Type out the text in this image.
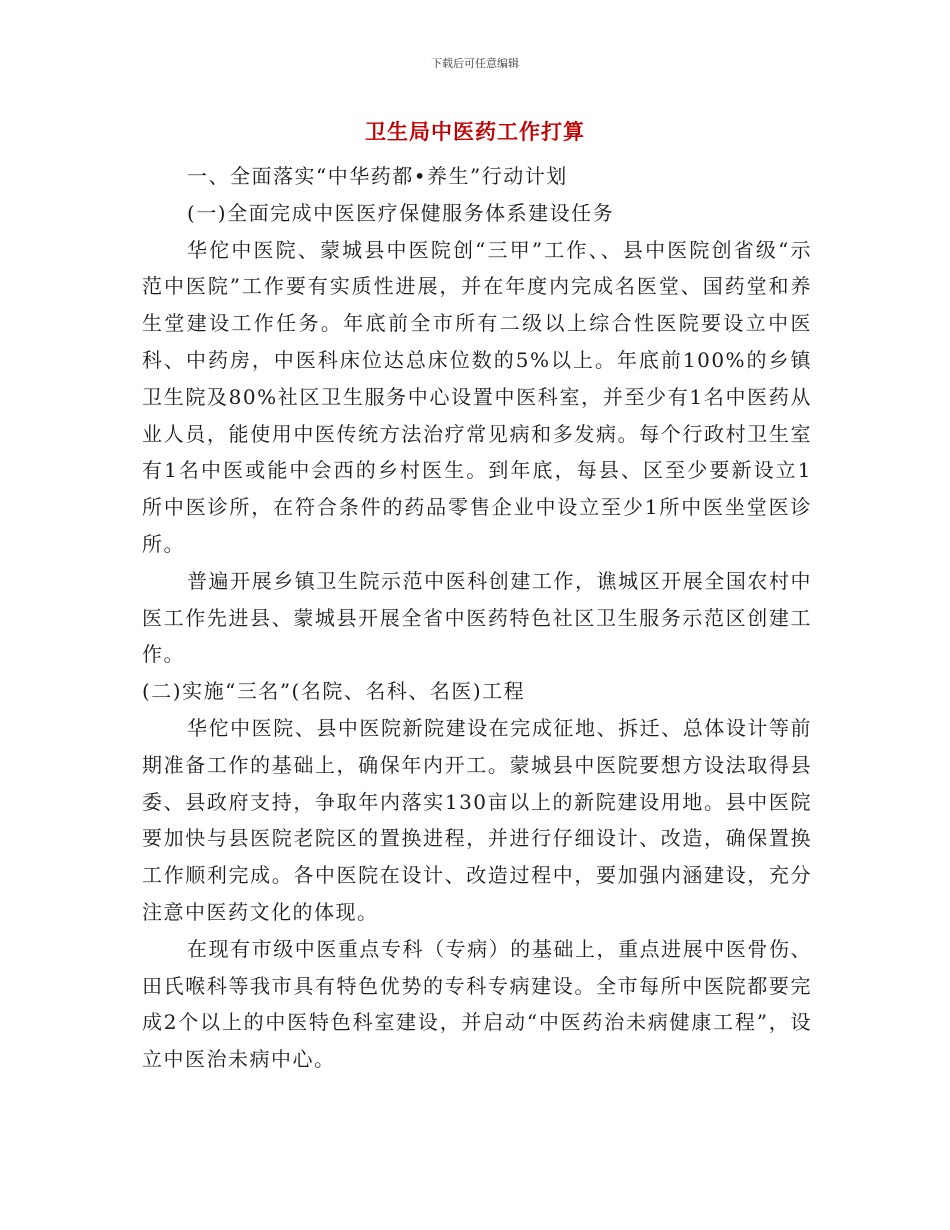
下载后可任意编辑
卫生局中医药工作打算

一、全面落实“中华药都•养生”行动计划

(一)全面完成中医医疗保健服务体系建设任务

华佗中医院、蒙城县中医院创“三甲”工作、、县中医院创省级“示范中医院”工作要有实质性进展，并在年度内完成名医堂、国药堂和养生堂建设工作任务。年底前全市所有二级以上综合性医院要设立中医科、中药房，中医科床位达总床位数的5%以上。年底前100%的乡镇卫生院及80%社区卫生服务中心设置中医科室，并至少有1名中医药从业人员，能使用中医传统方法治疗常见病和多发病。每个行政村卫生室有1名中医或能中会西的乡村医生。到年底，每县、区至少要新设立1所中医诊所，在符合条件的药品零售企业中设立至少1所中医坐堂医诊所。

普遍开展乡镇卫生院示范中医科创建工作，谯城区开展全国农村中医工作先进县、蒙城县开展全省中医药特色社区卫生服务示范区创建工作。

(二)实施“三名”(名院、名科、名医)工程

华佗中医院、县中医院新院建设在完成征地、拆迁、总体设计等前期准备工作的基础上，确保年内开工。蒙城县中医院要想方设法取得县委、县政府支持，争取年内落实130亩以上的新院建设用地。县中医院要加快与县医院老院区的置换进程，并进行仔细设计、改造，确保置换工作顺利完成。各中医院在设计、改造过程中，要加强内涵建设，充分注意中医药文化的体现。

在现有市级中医重点专科（专病）的基础上，重点进展中医骨伤、田氏喉科等我市具有特色优势的专科专病建设。全市每所中医院都要完成2个以上的中医特色科室建设，并启动“中医药治未病健康工程”，设立中医治未病中心。
